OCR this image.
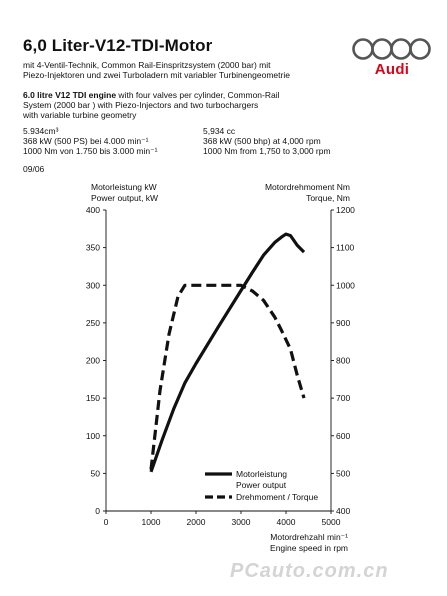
6,0 Liter-V12-TDI-Motor
mit 4-Ventil-Technik, Common Rail-Einspritzsystem (2000 bar) mit
Piezo-Injektoren und zwei Turboladern mit variabler Turbinengeometrie
6.0 litre V12 TDI engine with four valves per cylinder, Common-Rail
System (2000 bar ) with Piezo-Injectors and two turbochargers
with variable turbine geometry
5.934cm³
368 kW (500 PS) bei 4.000 min⁻¹
1000 Nm von 1.750 bis 3.000 min⁻¹
5,934 cc
368 kW (500 bhp) at 4,000 rpm
1000 Nm from 1,750 to 3,000 rpm
09/06
Audi
0
50
100
150
200
250
300
350
400
400
500
600
700
800
900
1000
1100
1200
0	1000	2000	3000	4000	5000
Motorleistung kW
Power output, kW
Motordrehmoment Nm
Torque, Nm
Motordrehzahl min⁻¹
Engine speed in rpm
Motorleistung
Power output
Drehmoment / Torque
PCauto.com.cn
